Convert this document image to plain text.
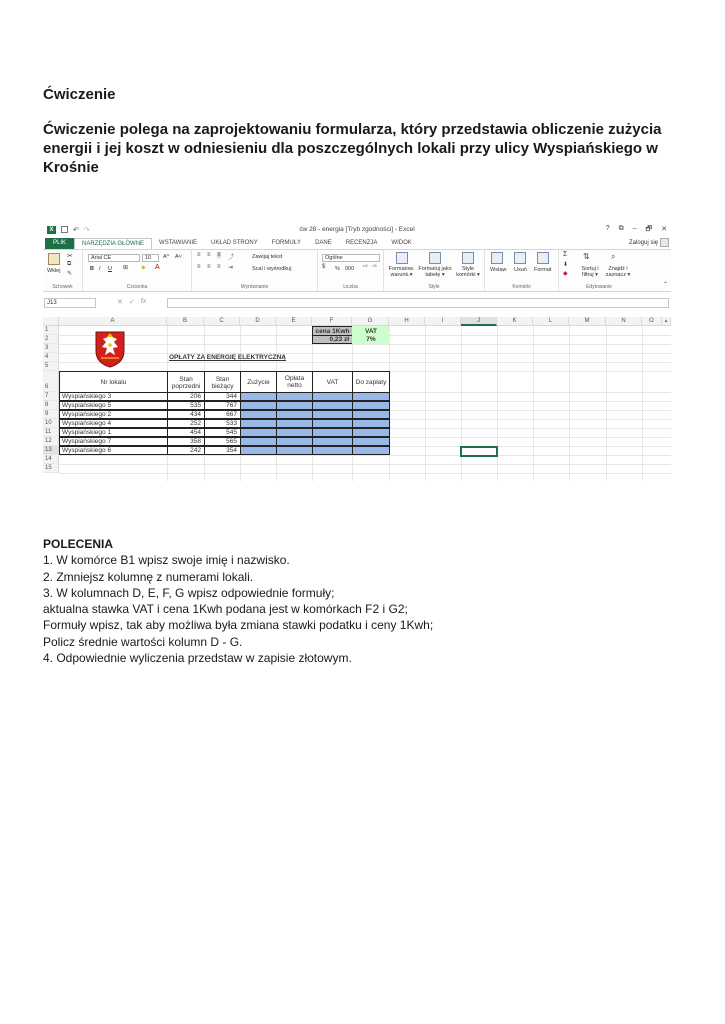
Ćwiczenie

Ćwiczenie polega na zaprojektowaniu formularza, który przedstawia obliczenie zużycia energii i jej koszt w odniesieniu dla poszczególnych lokali przy ulicy Wyspiańskiego w Krośnie

X	↶ ↷	ćw 28 - energia [Tryb zgodności] - Excel	? ⧉ – 🗗 ✕
PLIK	NARZĘDZIA GŁÓWNE	WSTAWIANIE	UKŁAD STRONY	FORMUŁY	DANE	RECENZJA	WIDOK	Zaloguj się
Wklej
✂
⧉
✎
Schowek
Arial CE	10	A^ A˅
B I U ⊞ ◈ A
Czcionka
≡ ≡ ≡ ⤴	Zawijaj tekst
≡ ≡ ≡ ⇥	Scal i wyśrodkuj
Wyrównanie
Ogólne
$ % 000 ⁺⁰ ⁻⁰
Liczba
Formatow.
warunk.▾
Formatuj jako
tabelę ▾
Style
komórki ▾
Style
Wstaw Usuń Format
Komórki
Σ
⬇
◆
⇅
Sortuj i
filtruj ▾
⌕
Znajdź i
zaznacz ▾
Edytowanie	⌃
J13	✕ ✓ fx
A	B	C	D	E	F	G	H	I	J	K	L	M	N	O	▴
1
2
3
4
5
6
7
8
9
10
11
12
13
14
15
cena 1Kwh	VAT
0,23 zł	7%
OPŁATY ZA ENERGIĘ ELEKTRYCZNĄ
Nr lokalu	Stan poprzedni
Stan bieżący
Zużycie	Opłata netto	VAT	Do zapłaty
Wyspiańskiego 3	206	344
Wyspiańskiego 5	535	767
Wyspiańskiego 2	434	667
Wyspiańskiego 4	252	533
Wyspiańskiego 1	454	545
Wyspiańskiego 7	358	565
Wyspiańskiego 6	242	354
POLECENIA
1. W komórce B1 wpisz swoje imię i nazwisko.
2. Zmniejsz kolumnę z numerami lokali.
3. W kolumnach D, E, F, G wpisz odpowiednie formuły;
aktualna stawka VAT i cena 1Kwh podana jest w komórkach F2 i G2;
Formuły wpisz, tak aby możliwa była zmiana stawki podatku i ceny 1Kwh;
Policz średnie wartości kolumn D - G.
4. Odpowiednie wyliczenia przedstaw w zapisie złotowym.
